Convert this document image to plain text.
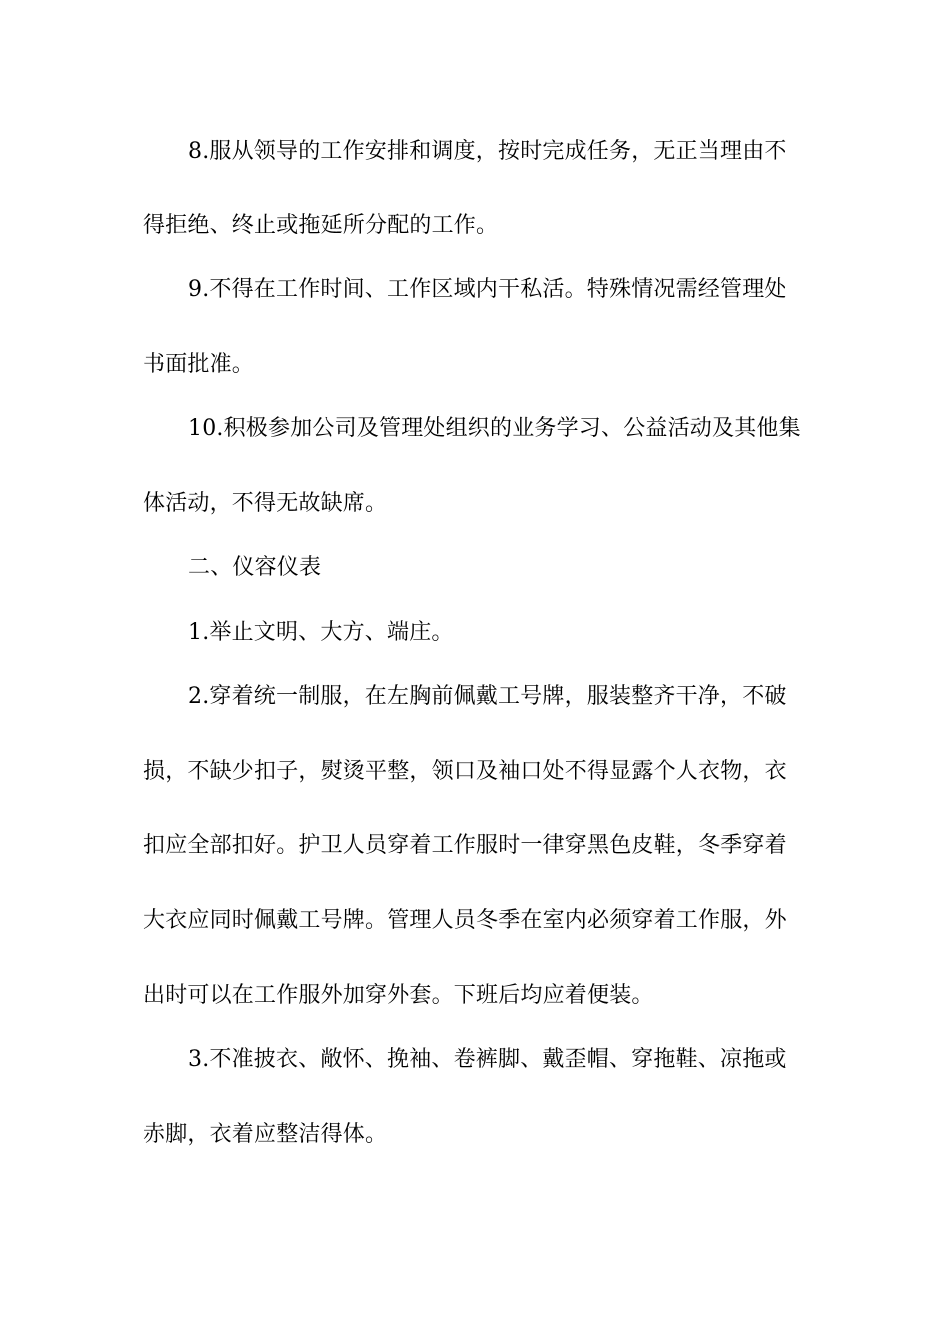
8.服从领导的工作安排和调度，按时完成任务，无正当理由不
得拒绝、终止或拖延所分配的工作。
9.不得在工作时间、工作区域内干私活。特殊情况需经管理处
书面批准。
10.积极参加公司及管理处组织的业务学习、公益活动及其他集
体活动，不得无故缺席。
二、仪容仪表
1.举止文明、大方、端庄。
2.穿着统一制服，在左胸前佩戴工号牌，服装整齐干净，不破
损，不缺少扣子，熨烫平整，领口及袖口处不得显露个人衣物，衣
扣应全部扣好。护卫人员穿着工作服时一律穿黑色皮鞋，冬季穿着
大衣应同时佩戴工号牌。管理人员冬季在室内必须穿着工作服，外
出时可以在工作服外加穿外套。下班后均应着便装。
3.不准披衣、敞怀、挽袖、卷裤脚、戴歪帽、穿拖鞋、凉拖或
赤脚，衣着应整洁得体。
